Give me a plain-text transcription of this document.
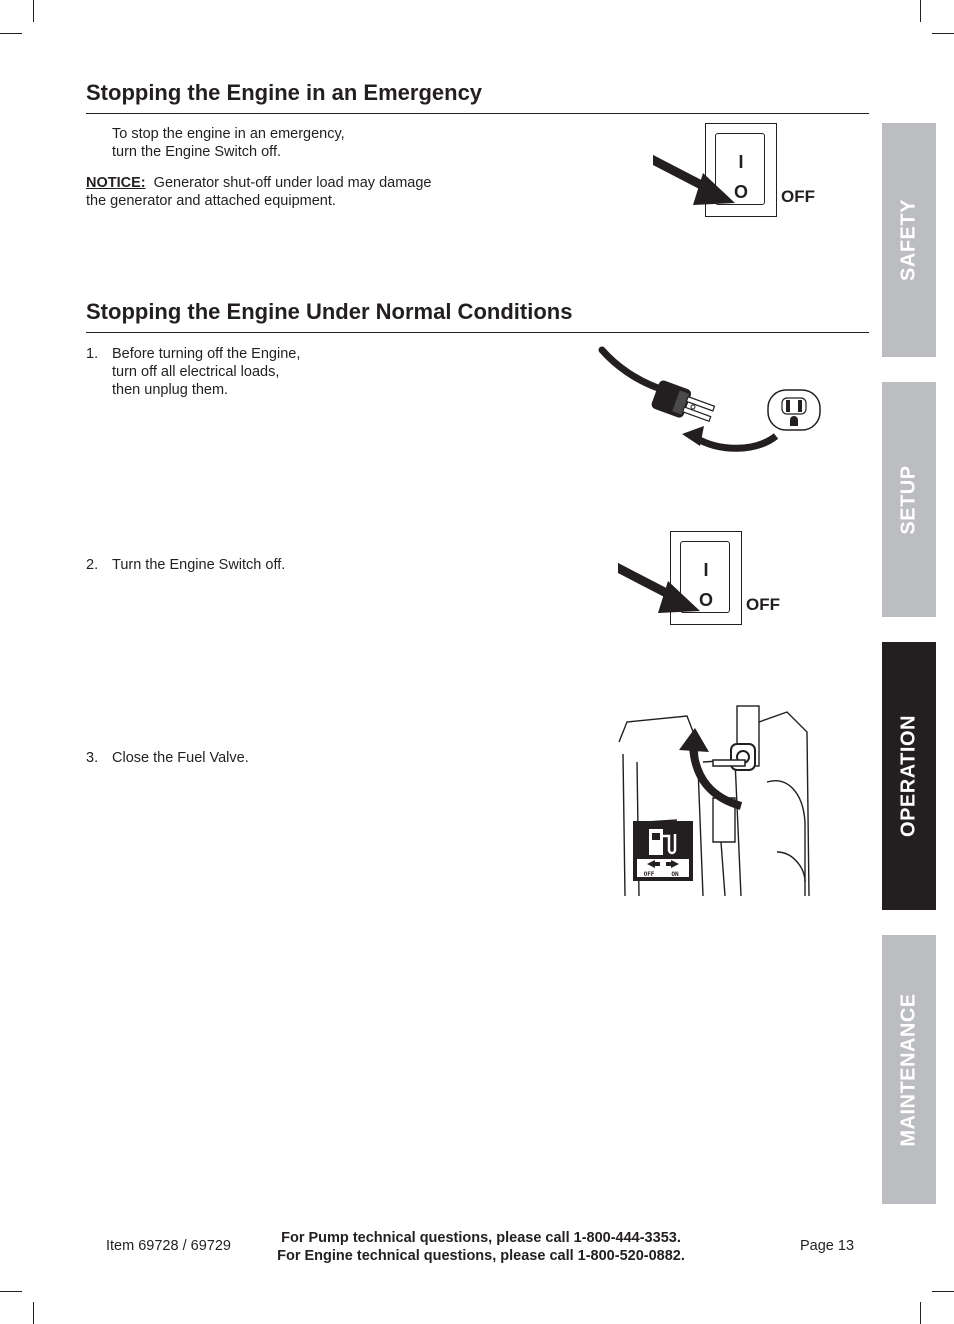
Stopping the Engine in an Emergency

To stop the engine in an emergency,

turn the Engine Switch off.

NOTICE: Generator shut-off under load may damage

the generator and attached equipment.

I
O	OFF
Stopping the Engine Under Normal Conditions
1. Before turning off the Engine,
turn off all electrical loads,
then unplug them.
2. Turn the Engine Switch off.
3. Close the Fuel Valve.
I
O	OFF
OFF	ON
SAFETY
SETUP
OPERATION
MAINTENANCE
Item 69728 / 69729	For Pump technical questions, please call 1-800-444-3353.
For Engine technical questions, please call 1-800-520-0882.
Page 13
